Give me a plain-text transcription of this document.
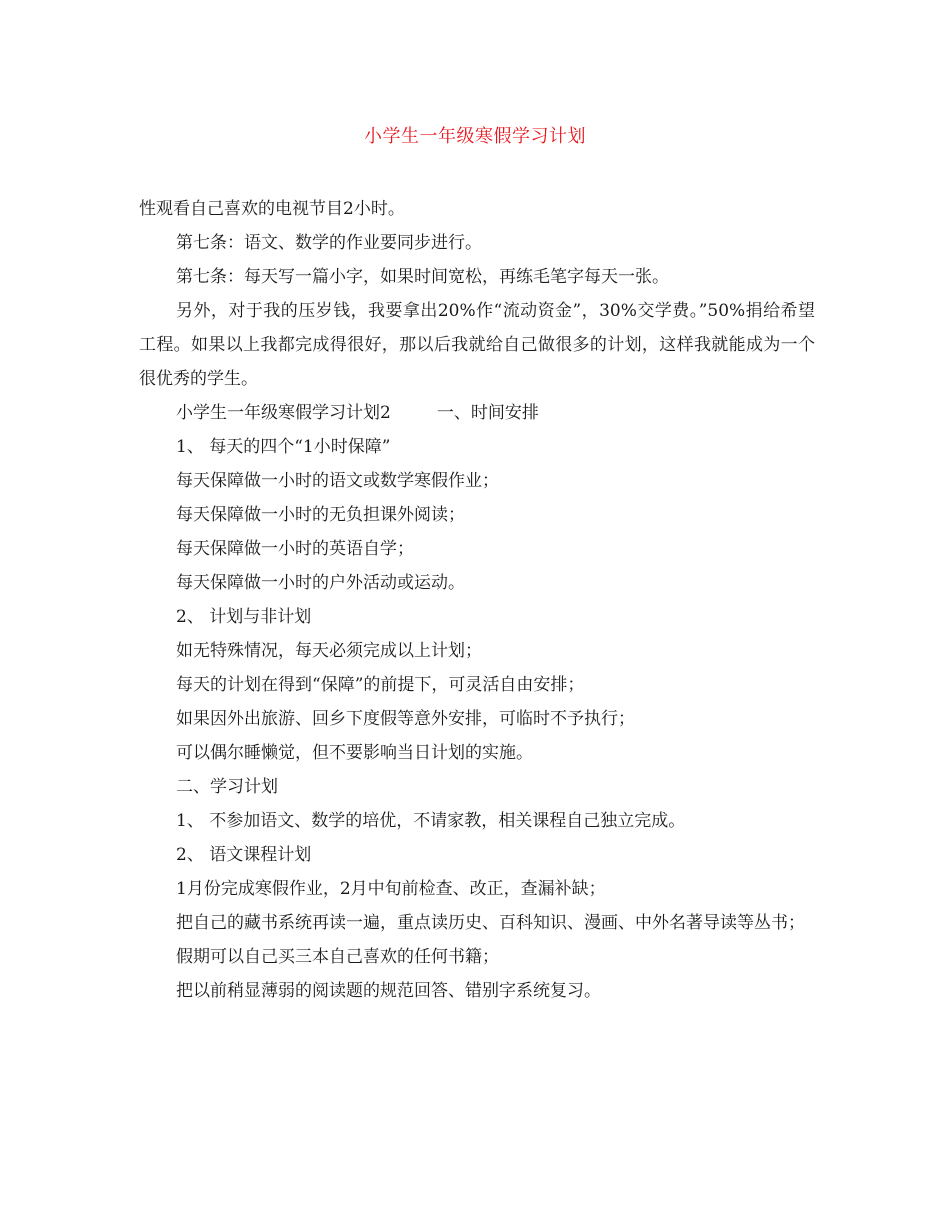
小学生一年级寒假学习计划

性观看自己喜欢的电视节目2小时。

第七条：语文、数学的作业要同步进行。

第七条：每天写一篇小字，如果时间宽松，再练毛笔字每天一张。

另外，对于我的压岁钱，我要拿出20%作“流动资金”，30%交学费。”50%捐给希望工程。如果以上我都完成得很好，那以后我就给自己做很多的计划，这样我就能成为一个很优秀的学生。

小学生一年级寒假学习计划2	一、时间安排

1、 每天的四个“1小时保障”

每天保障做一小时的语文或数学寒假作业；

每天保障做一小时的无负担课外阅读；

每天保障做一小时的英语自学；

每天保障做一小时的户外活动或运动。

2、 计划与非计划

如无特殊情况，每天必须完成以上计划；

每天的计划在得到“保障”的前提下，可灵活自由安排；

如果因外出旅游、回乡下度假等意外安排，可临时不予执行；

可以偶尔睡懒觉，但不要影响当日计划的实施。

二、学习计划

1、 不参加语文、数学的培优，不请家教，相关课程自己独立完成。

2、 语文课程计划

1月份完成寒假作业，2月中旬前检查、改正，查漏补缺；

把自己的藏书系统再读一遍，重点读历史、百科知识、漫画、中外名著导读等丛书；

假期可以自己买三本自己喜欢的任何书籍；

把以前稍显薄弱的阅读题的规范回答、错别字系统复习。
